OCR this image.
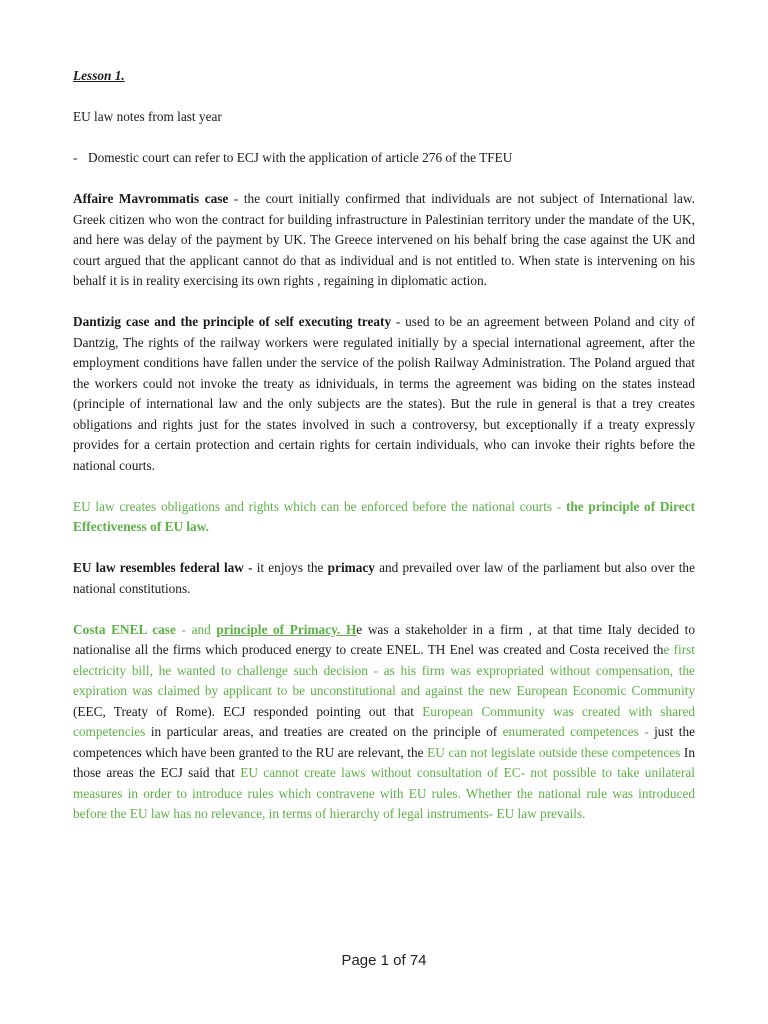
Lesson 1.
EU law notes from last year
- Domestic court can refer to ECJ with the application of article 276 of the TFEU

Affaire Mavrommatis case - the court initially confirmed that individuals are not subject of International law. Greek citizen who won the contract for building infrastructure in Palestinian territory under the mandate of the UK, and here was delay of the payment by UK. The Greece intervened on his behalf bring the case against the UK and court argued that the applicant cannot do that as individual and is not entitled to. When state is intervening on his behalf it is in reality exercising its own rights , regaining in diplomatic action.

Dantizig case and the principle of self executing treaty - used to be an agreement between Poland and city of Dantzig, The rights of the railway workers were regulated initially by a special international agreement, after the employment conditions have fallen under the service of the polish Railway Administration. The Poland argued that the workers could not invoke the treaty as idnividuals, in terms the agreement was biding on the states instead (principle of international law and the only subjects are the states). But the rule in general is that a trey creates obligations and rights just for the states involved in such a controversy, but exceptionally if a treaty expressly provides for a certain protection and certain rights for certain individuals, who can invoke their rights before the national courts.

EU law creates obligations and rights which can be enforced before the national courts - the principle of Direct Effectiveness of EU law.

EU law resembles federal law - it enjoys the primacy and prevailed over law of the parliament but also over the national constitutions.

Costa ENEL case - and principle of Primacy. He was a stakeholder in a firm , at that time Italy decided to nationalise all the firms which produced energy to create ENEL. TH Enel was created and Costa received the first electricity bill, he wanted to challenge such decision - as his firm was expropriated without compensation, the expiration was claimed by applicant to be unconstitutional and against the new European Economic Community (EEC, Treaty of Rome). ECJ responded pointing out that European Community was created with shared competencies in particular areas, and treaties are created on the principle of enumerated competences - just the competences which have been granted to the RU are relevant, the EU can not legislate outside these competences In those areas the ECJ said that EU cannot create laws without consultation of EC- not possible to take unilateral measures in order to introduce rules which contravene with EU rules. Whether the national rule was introduced before the EU law has no relevance, in terms of hierarchy of legal instruments- EU law prevails.

Page 1 of 74
